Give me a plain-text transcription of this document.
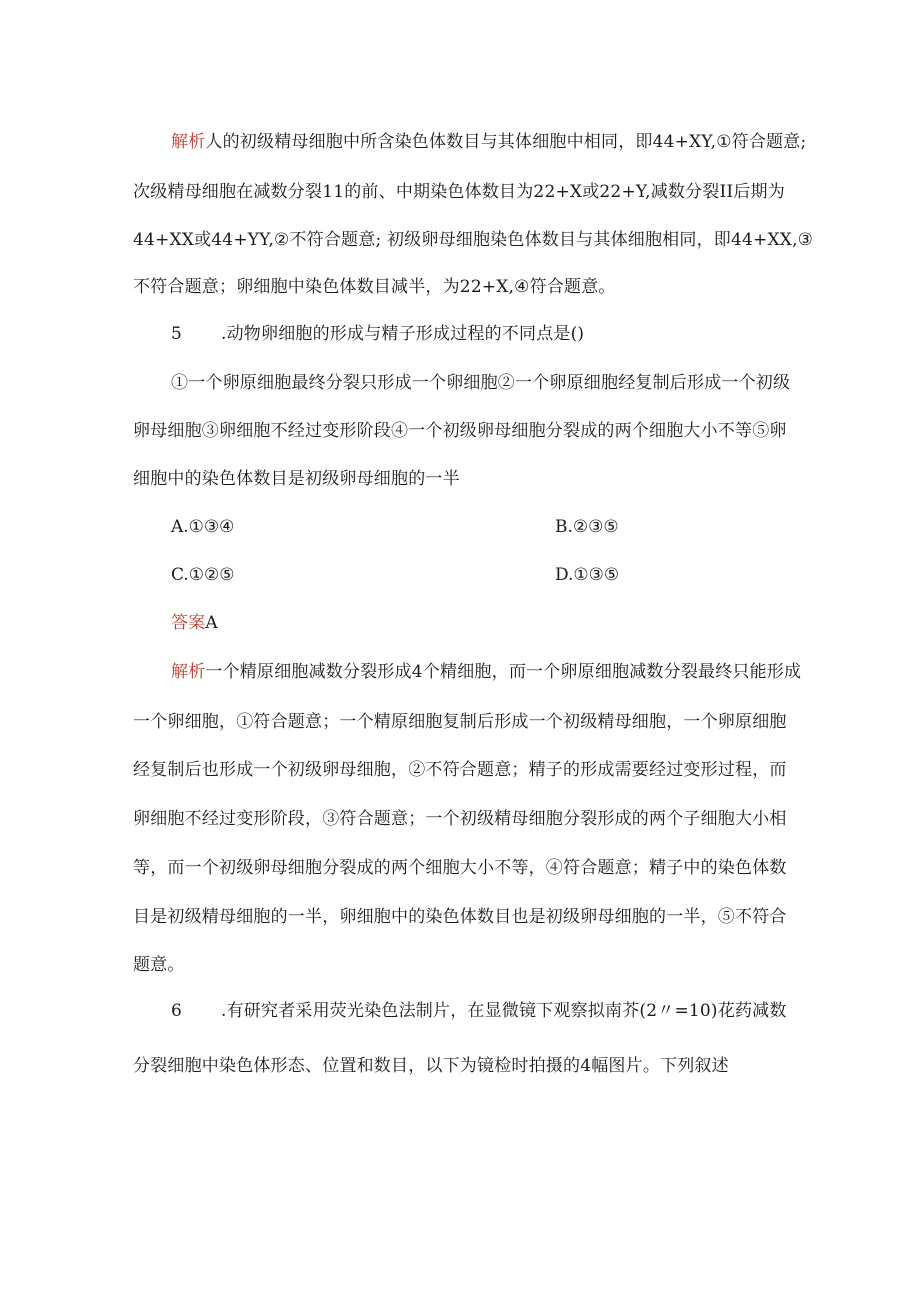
解析人的初级精母细胞中所含染色体数目与其体细胞中相同，即44+XY,①符合题意;
次级精母细胞在减数分裂11的前、中期染色体数目为22+X或22+Y,减数分裂II后期为
44+XX或44+YY,②不符合题意; 初级卵母细胞染色体数目与其体细胞相同，即44+XX,③
不符合题意；卵细胞中染色体数目减半，为22+X,④符合题意。
5 .动物卵细胞的形成与精子形成过程的不同点是()
①一个卵原细胞最终分裂只形成一个卵细胞②一个卵原细胞经复制后形成一个初级
卵母细胞③卵细胞不经过变形阶段④一个初级卵母细胞分裂成的两个细胞大小不等⑤卵
细胞中的染色体数目是初级卵母细胞的一半
A.①③④	B.②③⑤
C.①②⑤	D.①③⑤
答案A
解析一个精原细胞减数分裂形成4个精细胞，而一个卵原细胞减数分裂最终只能形成
一个卵细胞，①符合题意；一个精原细胞复制后形成一个初级精母细胞，一个卵原细胞
经复制后也形成一个初级卵母细胞，②不符合题意；精子的形成需要经过变形过程，而
卵细胞不经过变形阶段，③符合题意；一个初级精母细胞分裂形成的两个子细胞大小相
等，而一个初级卵母细胞分裂成的两个细胞大小不等，④符合题意；精子中的染色体数
目是初级精母细胞的一半，卵细胞中的染色体数目也是初级卵母细胞的一半，⑤不符合
题意。
6 .有研究者采用荧光染色法制片，在显微镜下观察拟南芥(2〃=10)花药减数
分裂细胞中染色体形态、位置和数目，以下为镜检时拍摄的4幅图片。下列叙述
